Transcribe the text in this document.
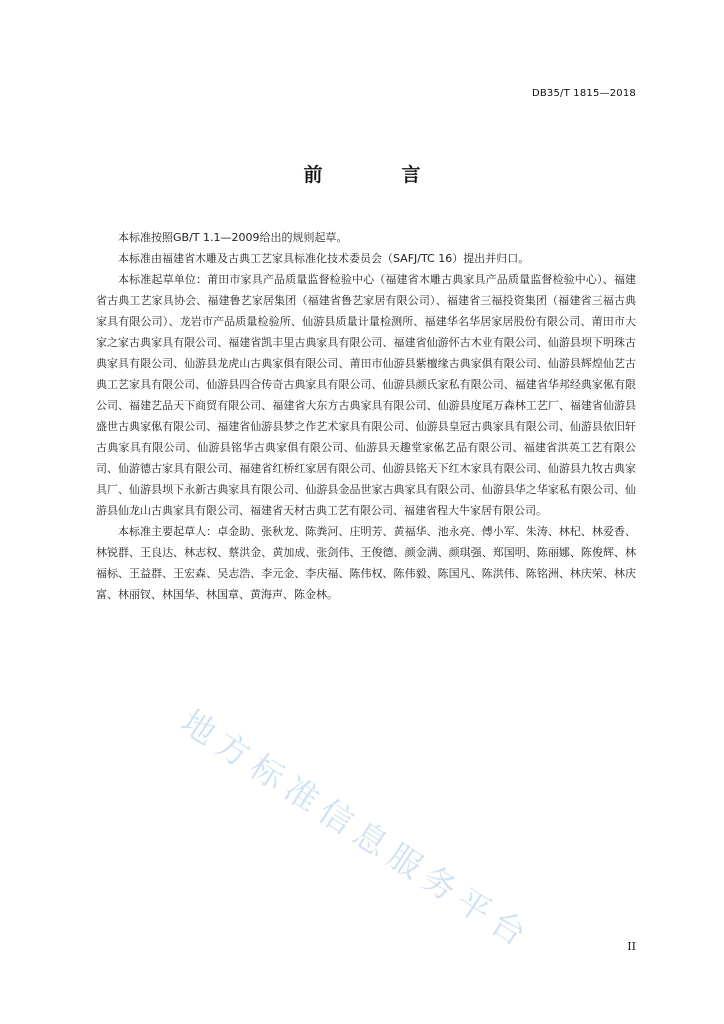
DB35/T 1815—2018
前　言

本标准按照GB/T 1.1—2009给出的规则起草。

本标准由福建省木雕及古典工艺家具标准化技术委员会（SAFJ/TC 16）提出并归口。

本标准起草单位：莆田市家具产品质量监督检验中心（福建省木雕古典家具产品质量监督检验中心）、福建省古典工艺家具协会、福建鲁艺家居集团（福建省鲁艺家居有限公司）、福建省三福投资集团（福建省三福古典家具有限公司）、龙岩市产品质量检验所、仙游县质量计量检测所、福建华名华居家居股份有限公司、莆田市大家之家古典家具有限公司、福建省凯丰里古典家具有限公司、福建省仙游怀古木业有限公司、仙游县坝下明珠古典家具有限公司、仙游县龙虎山古典家俱有限公司、莆田市仙游县紫檀缘古典家俱有限公司、仙游县辉煌仙艺古典工艺家具有限公司、仙游县四合传奇古典家具有限公司、仙游县颜氏家私有限公司、福建省华邦经典家俬有限公司、福建艺品天下商贸有限公司、福建省大东方古典家具有限公司、仙游县度尾万森林工艺厂、福建省仙游县盛世古典家俬有限公司、福建省仙游县梦之作艺术家具有限公司、仙游县皇冠古典家具有限公司、仙游县依旧轩古典家具有限公司、仙游县铭华古典家俱有限公司、仙游县天趣堂家俬艺品有限公司、福建省洪英工艺有限公司、仙游德古家具有限公司、福建省红桥红家居有限公司、仙游县铭天下红木家具有限公司、仙游县九牧古典家具厂、仙游县坝下永新古典家具有限公司、仙游县金品世家古典家具有限公司、仙游县华之华家私有限公司、仙游县仙龙山古典家具有限公司、福建省天材古典工艺有限公司、福建省程大牛家居有限公司。

本标准主要起草人：卓金助、张秋龙、陈粪河、庄明芳、黄福华、池永亮、傅小军、朱涛、林杞、林爱香、林锐群、王良达、林志权、蔡洪金、黄加成、张剑伟、王俊德、颜金满、颜琪强、郑国明、陈丽娜、陈俊辉、林福标、王益群、王宏森、吴志浩、李元金、李庆福、陈伟权、陈伟毅、陈国凡、陈洪伟、陈铭洲、林庆荣、林庆富、林丽钗、林国华、林国章、黄海声、陈金林。

地方标准信息服务平台	II
